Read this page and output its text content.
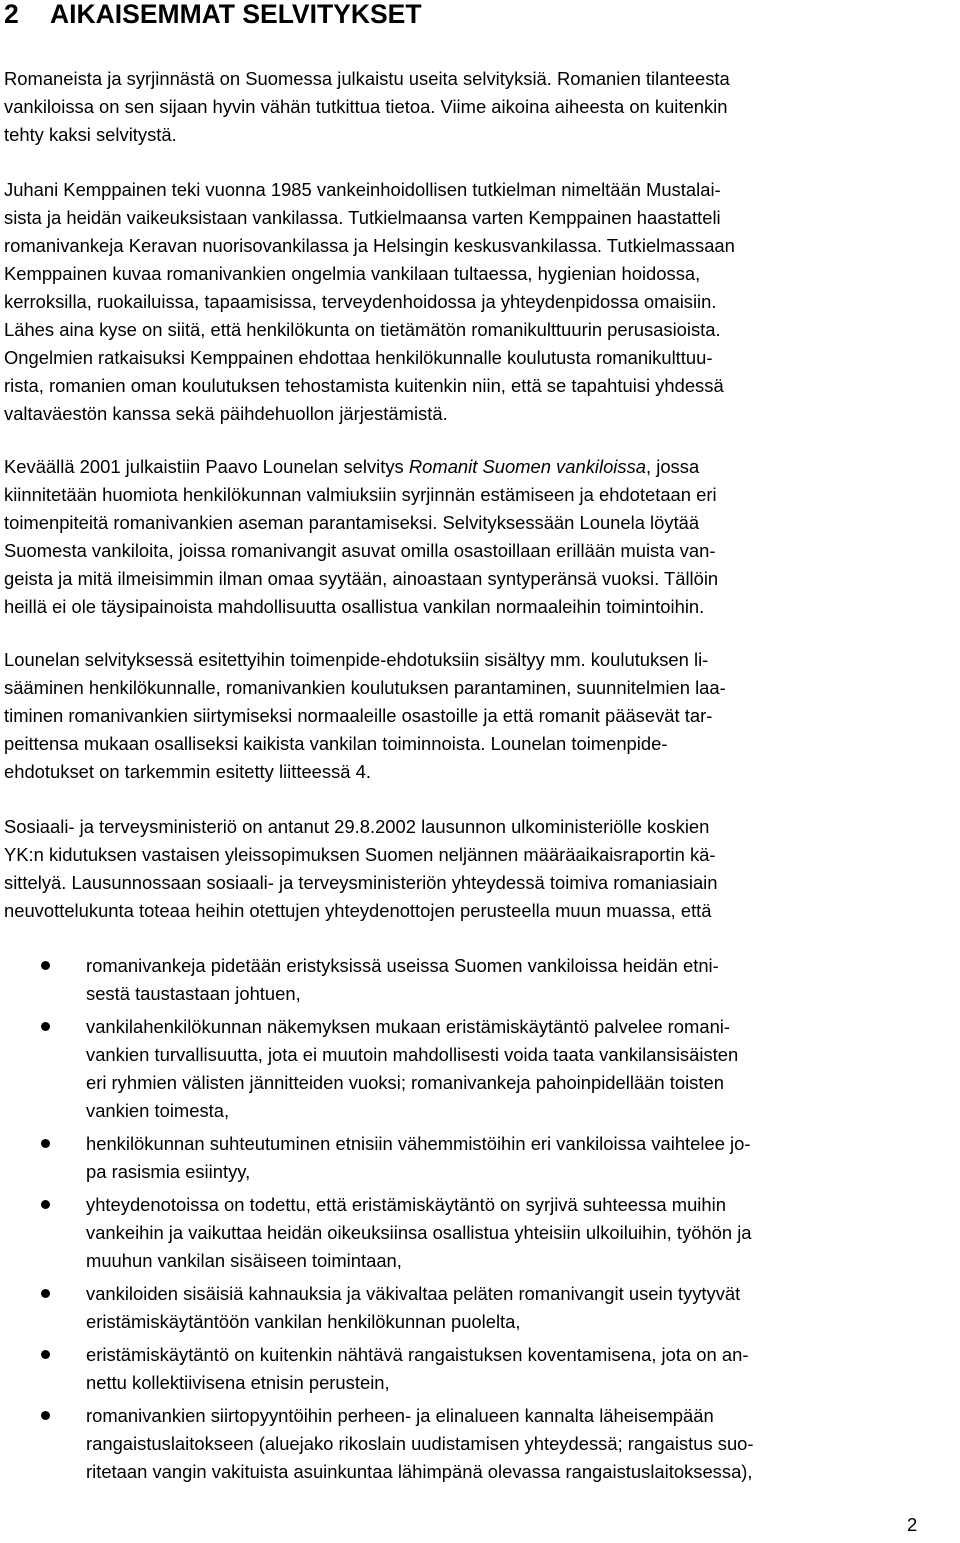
2 AIKAISEMMAT SELVITYKSET

Romaneista ja syrjinnästä on Suomessa julkaistu useita selvityksiä. Romanien tilanteesta
vankiloissa on sen sijaan hyvin vähän tutkittua tietoa. Viime aikoina aiheesta on kuitenkin
tehty kaksi selvitystä.

Juhani Kemppainen teki vuonna 1985 vankeinhoidollisen tutkielman nimeltään Mustalai-
sista ja heidän vaikeuksistaan vankilassa. Tutkielmaansa varten Kemppainen haastatteli
romanivankeja Keravan nuorisovankilassa ja Helsingin keskusvankilassa. Tutkielmassaan
Kemppainen kuvaa romanivankien ongelmia vankilaan tultaessa, hygienian hoidossa,
kerroksilla, ruokailuissa, tapaamisissa, terveydenhoidossa ja yhteydenpidossa omaisiin.
Lähes aina kyse on siitä, että henkilökunta on tietämätön romanikulttuurin perusasioista.
Ongelmien ratkaisuksi Kemppainen ehdottaa henkilökunnalle koulutusta romanikulttuu-
rista, romanien oman koulutuksen tehostamista kuitenkin niin, että se tapahtuisi yhdessä
valtaväestön kanssa sekä päihdehuollon järjestämistä.

Keväällä 2001 julkaistiin Paavo Lounelan selvitys Romanit Suomen vankiloissa, jossa
kiinnitetään huomiota henkilökunnan valmiuksiin syrjinnän estämiseen ja ehdotetaan eri
toimenpiteitä romanivankien aseman parantamiseksi. Selvityksessään Lounela löytää
Suomesta vankiloita, joissa romanivangit asuvat omilla osastoillaan erillään muista van-
geista ja mitä ilmeisimmin ilman omaa syytään, ainoastaan syntyperänsä vuoksi. Tällöin
heillä ei ole täysipainoista mahdollisuutta osallistua vankilan normaaleihin toimintoihin.

Lounelan selvityksessä esitettyihin toimenpide-ehdotuksiin sisältyy mm. koulutuksen li-
sääminen henkilökunnalle, romanivankien koulutuksen parantaminen, suunnitelmien laa-
timinen romanivankien siirtymiseksi normaaleille osastoille ja että romanit pääsevät tar-
peittensa mukaan osalliseksi kaikista vankilan toiminnoista. Lounelan toimenpide-
ehdotukset on tarkemmin esitetty liitteessä 4.

Sosiaali- ja terveysministeriö on antanut 29.8.2002 lausunnon ulkoministeriölle koskien
YK:n kidutuksen vastaisen yleissopimuksen Suomen neljännen määräaikaisraportin kä-
sittelyä. Lausunnossaan sosiaali- ja terveysministeriön yhteydessä toimiva romaniasiain
neuvottelukunta toteaa heihin otettujen yhteydenottojen perusteella muun muassa, että

romanivankeja pidetään eristyksissä useissa Suomen vankiloissa heidän etni-
sestä taustastaan johtuen,
vankilahenkilökunnan näkemyksen mukaan eristämiskäytäntö palvelee romani-
vankien turvallisuutta, jota ei muutoin mahdollisesti voida taata vankilansisäisten
eri ryhmien välisten jännitteiden vuoksi; romanivankeja pahoinpidellään toisten
vankien toimesta,
henkilökunnan suhteutuminen etnisiin vähemmistöihin eri vankiloissa vaihtelee jo-
pa rasismia esiintyy,
yhteydenotoissa on todettu, että eristämiskäytäntö on syrjivä suhteessa muihin
vankeihin ja vaikuttaa heidän oikeuksiinsa osallistua yhteisiin ulkoiluihin, työhön ja
muuhun vankilan sisäiseen toimintaan,
vankiloiden sisäisiä kahnauksia ja väkivaltaa peläten romanivangit usein tyytyvät
eristämiskäytäntöön vankilan henkilökunnan puolelta,
eristämiskäytäntö on kuitenkin nähtävä rangaistuksen koventamisena, jota on an-
nettu kollektiivisena etnisin perustein,
romanivankien siirtopyyntöihin perheen- ja elinalueen kannalta läheisempään
rangaistuslaitokseen (aluejako rikoslain uudistamisen yhteydessä; rangaistus suo-
ritetaan vangin vakituista asuinkuntaa lähimpänä olevassa rangaistuslaitoksessa),
2
